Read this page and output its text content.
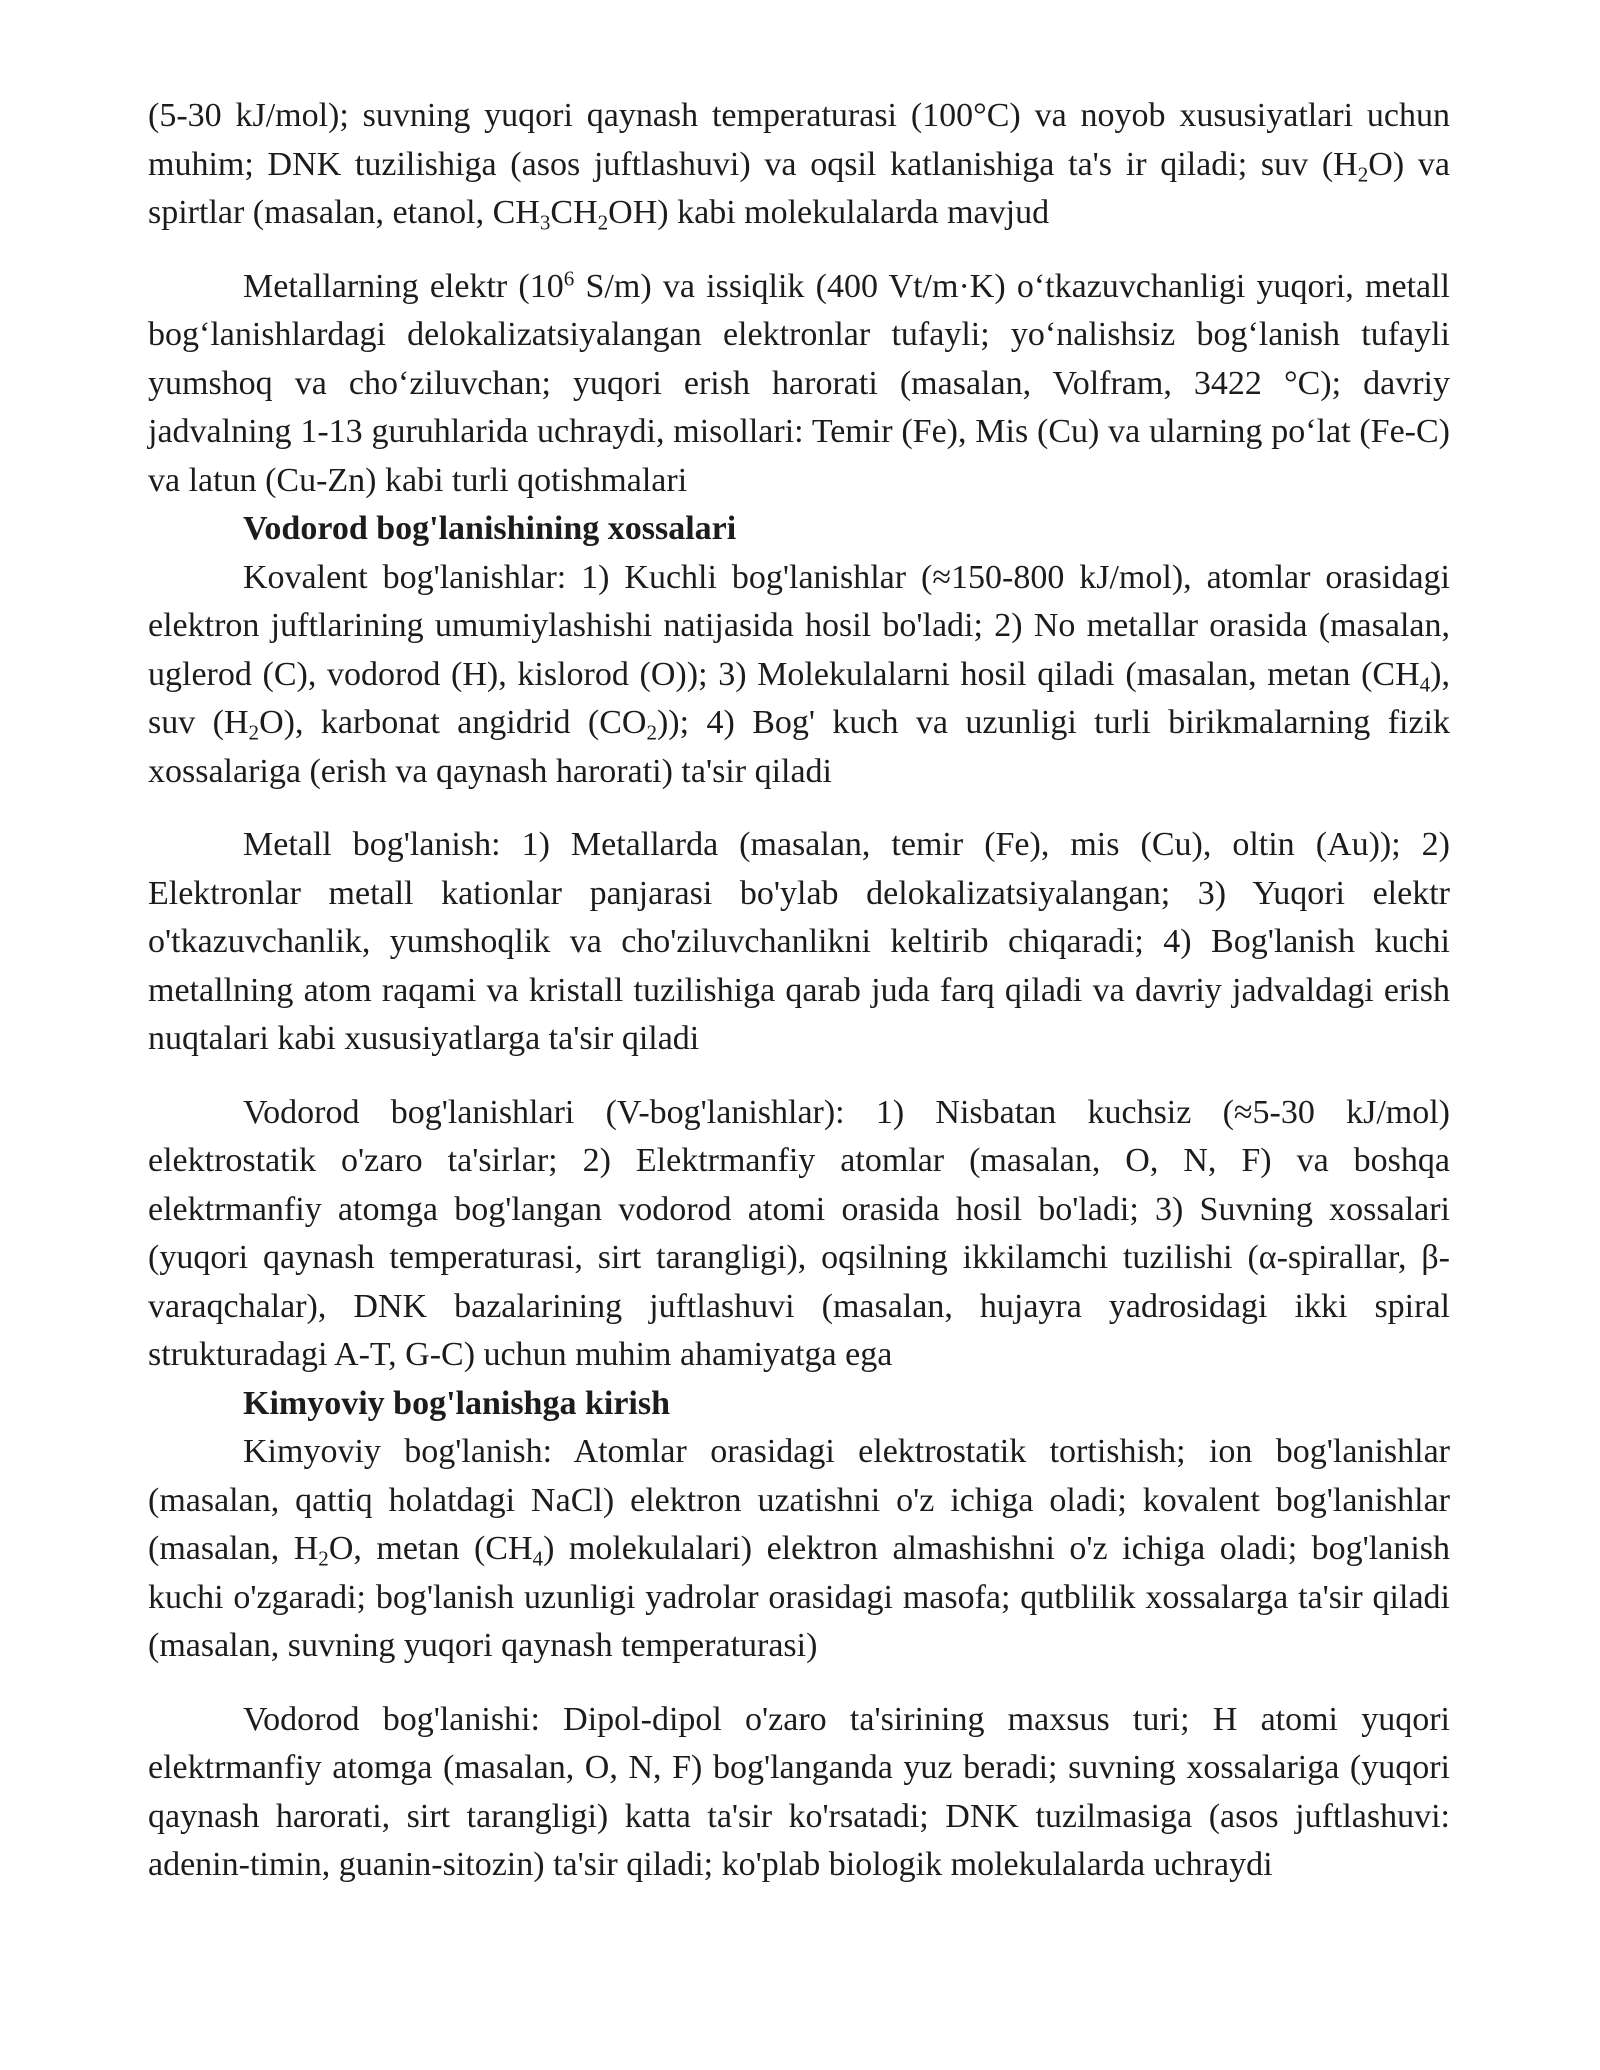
(5-30 kJ/mol); suvning yuqori qaynash temperaturasi (100°C) va noyob xususiyatlari uchun muhim; DNK tuzilishiga (asos juftlashuvi) va oqsil katlanishiga ta's ir qiladi; suv $(H_2O)$ va spirtlar (masalan, etanol, $CH_3CH_2OH$) kabi molekulalarda mavjud

Metallarning elektr ($10^6$ S/m) va issiqlik (400 Vt/m·K) o‘tkazuvchanligi yuqori, metall bog‘lanishlardagi delokalizatsiyalangan elektronlar tufayli; yo‘nalishsiz bog‘lanish tufayli yumshoq va cho‘ziluvchan; yuqori erish harorati (masalan, Volfram, 3422 °C); davriy jadvalning 1-13 guruhlarida uchraydi, misollari: Temir (Fe), Mis (Cu) va ularning po‘lat (Fe-C) va latun (Cu-Zn) kabi turli qotishmalari

Vodorod bog'lanishining xossalari

Kovalent bog'lanishlar: 1) Kuchli bog'lanishlar (≈150-800 kJ/mol), atomlar orasidagi elektron juftlarining umumiylashishi natijasida hosil bo'ladi; 2) No metallar orasida (masalan, uglerod (C), vodorod (H), kislorod (O)); 3) Molekulalarni hosil qiladi (masalan, metan $(CH_4)$, suv $(H_2O)$, karbonat angidrid $(CO_2)$); 4) Bog' kuch va uzunligi turli birikmalarning fizik xossalariga (erish va qaynash harorati) ta'sir qiladi

Metall bog'lanish: 1) Metallarda (masalan, temir (Fe), mis (Cu), oltin (Au)); 2) Elektronlar metall kationlar panjarasi bo'ylab delokalizatsiyalangan; 3) Yuqori elektr o'tkazuvchanlik, yumshoqlik va cho'ziluvchanlikni keltirib chiqaradi; 4) Bog'lanish kuchi metallning atom raqami va kristall tuzilishiga qarab juda farq qiladi va davriy jadvaldagi erish nuqtalari kabi xususiyatlarga ta'sir qiladi

Vodorod bog'lanishlari (V-bog'lanishlar): 1) Nisbatan kuchsiz (≈5-30 kJ/mol) elektrostatik o'zaro ta'sirlar; 2) Elektrmanfiy atomlar (masalan, O, N, F) va boshqa elektrmanfiy atomga bog'langan vodorod atomi orasida hosil bo'ladi; 3) Suvning xossalari (yuqori qaynash temperaturasi, sirt tarangligi), oqsilning ikkilamchi tuzilishi (α-spirallar, β-varaqchalar), DNK bazalarining juftlashuvi (masalan, hujayra yadrosidagi ikki spiral strukturadagi A-T, G-C) uchun muhim ahamiyatga ega

Kimyoviy bog'lanishga kirish

Kimyoviy bog'lanish: Atomlar orasidagi elektrostatik tortishish; ion bog'lanishlar (masalan, qattiq holatdagi NaCl) elektron uzatishni o'z ichiga oladi; kovalent bog'lanishlar (masalan, $H_2O$, metan $(CH_4)$ molekulalari) elektron almashishni o'z ichiga oladi; bog'lanish kuchi o'zgaradi; bog'lanish uzunligi yadrolar orasidagi masofa; qutblilik xossalarga ta'sir qiladi (masalan, suvning yuqori qaynash temperaturasi)

Vodorod bog'lanishi: Dipol-dipol o'zaro ta'sirining maxsus turi; H atomi yuqori elektrmanfiy atomga (masalan, O, N, F) bog'langanda yuz beradi; suvning xossalariga (yuqori qaynash harorati, sirt tarangligi) katta ta'sir ko'rsatadi; DNK tuzilmasiga (asos juftlashuvi: adenin-timin, guanin-sitozin) ta'sir qiladi; ko'plab biologik molekulalarda uchraydi
